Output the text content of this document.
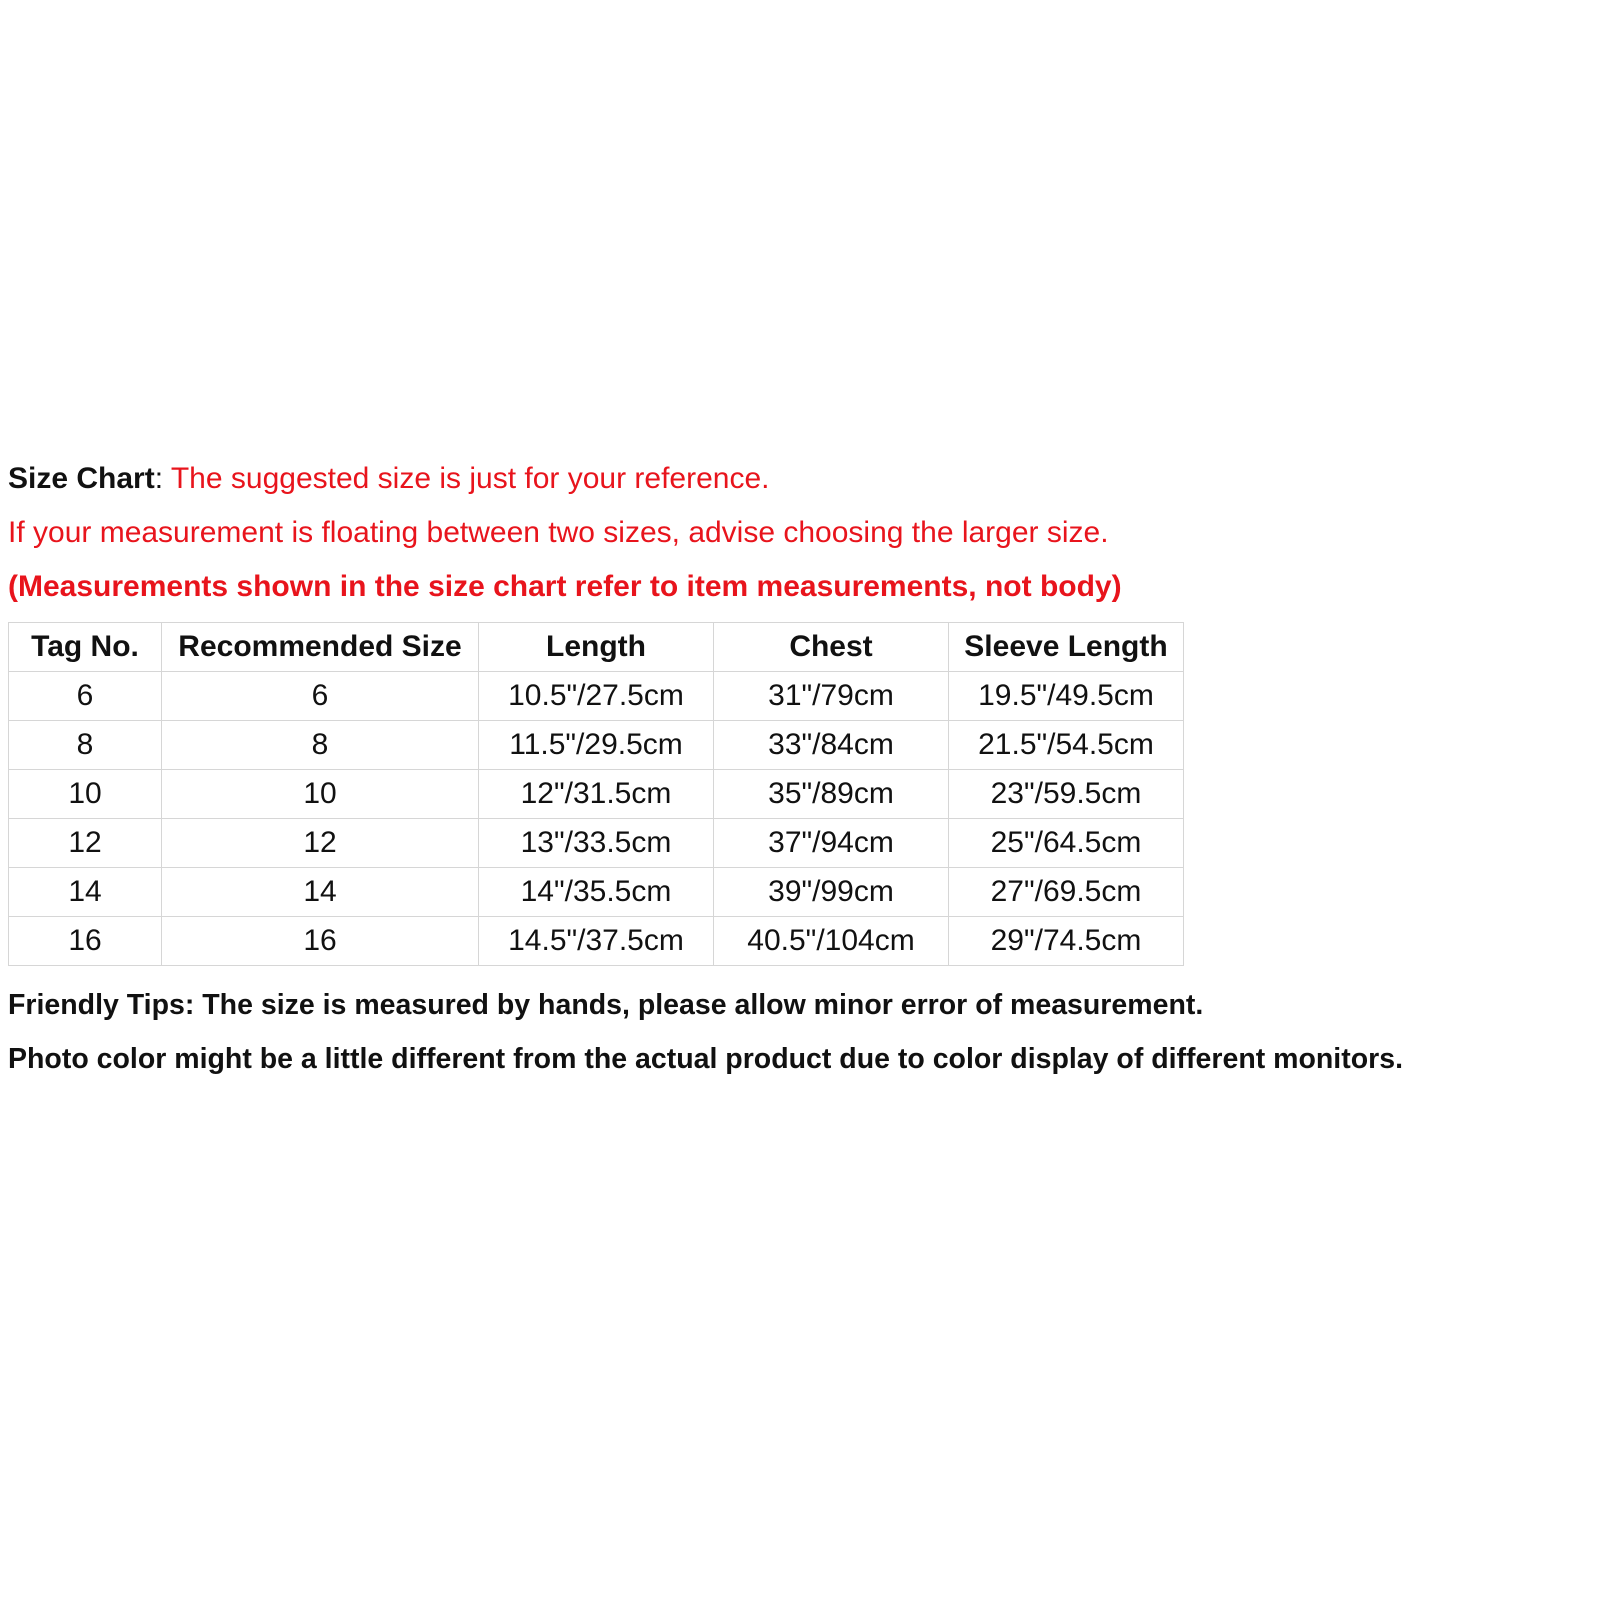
Size Chart: The suggested size is just for your reference.
If your measurement is floating between two sizes, advise choosing the larger size.
(Measurements shown in the size chart refer to item measurements, not body)
Tag No.	Recommended Size	Length	Chest	Sleeve Length
6	6	10.5"/27.5cm	31"/79cm	19.5"/49.5cm
8	8	11.5"/29.5cm	33"/84cm	21.5"/54.5cm
10	10	12"/31.5cm	35"/89cm	23"/59.5cm
12	12	13"/33.5cm	37"/94cm	25"/64.5cm
14	14	14"/35.5cm	39"/99cm	27"/69.5cm
16	16	14.5"/37.5cm	40.5"/104cm	29"/74.5cm
Friendly Tips: The size is measured by hands, please allow minor error of measurement.
Photo color might be a little different from the actual product due to color display of different monitors.
